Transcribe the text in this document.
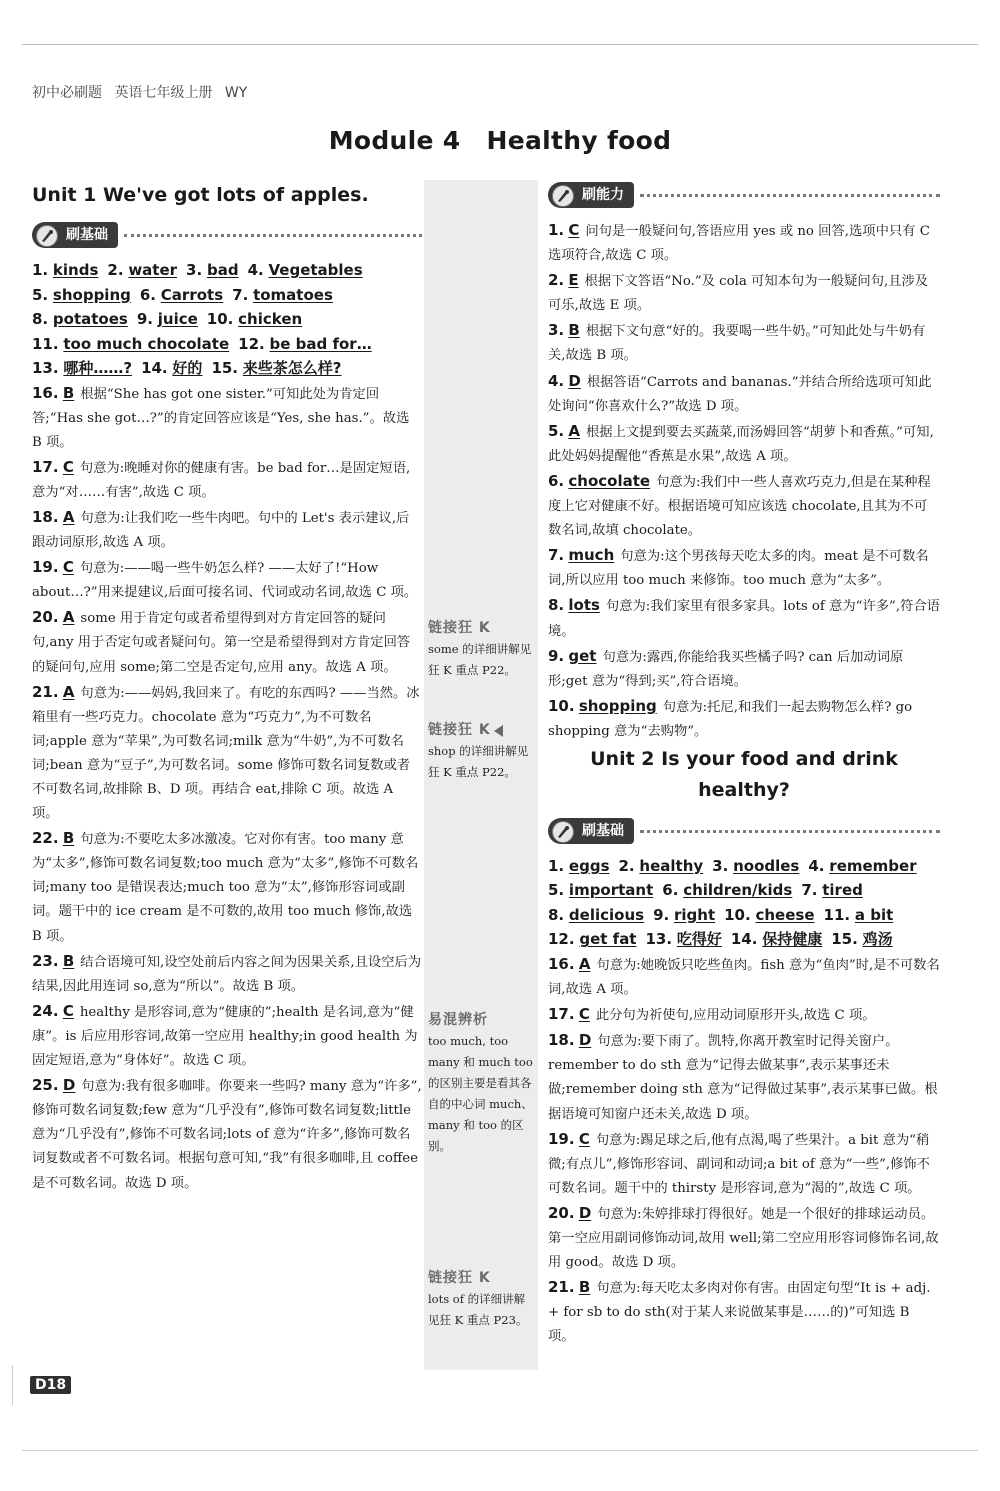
初中必刷题 英语七年级上册 WY
Module 4 Healthy food
Unit 1 We've got lots of apples.
刷基础
1. kinds 2. water 3. bad 4. Vegetables
5. shopping 6. Carrots 7. tomatoes
8. potatoes 9. juice 10. chicken
11. too much chocolate 12. be bad for…
13. 哪种……? 14. 好的 15. 来些茶怎么样?
16. B 根据“She has got one sister.”可知此处为肯定回答;“Has she got…?”的肯定回答应该是“Yes, she has.”。故选 B 项。
17. C 句意为:晚睡对你的健康有害。be bad for…是固定短语,意为“对……有害”,故选 C 项。
18. A 句意为:让我们吃一些牛肉吧。句中的 Let's 表示建议,后跟动词原形,故选 A 项。
19. C 句意为:——喝一些牛奶怎么样? ——太好了!“How about…?”用来提建议,后面可接名词、代词或动名词,故选 C 项。
20. A some 用于肯定句或者希望得到对方肯定回答的疑问句,any 用于否定句或者疑问句。第一空是希望得到对方肯定回答的疑问句,应用 some;第二空是否定句,应用 any。故选 A 项。
21. A 句意为:——妈妈,我回来了。有吃的东西吗? ——当然。冰箱里有一些巧克力。chocolate 意为“巧克力”,为不可数名词;apple 意为“苹果”,为可数名词;milk 意为“牛奶”,为不可数名词;bean 意为“豆子”,为可数名词。some 修饰可数名词复数或者不可数名词,故排除 B、D 项。再结合 eat,排除 C 项。故选 A 项。
22. B 句意为:不要吃太多冰激凌。它对你有害。too many 意为“太多”,修饰可数名词复数;too much 意为“太多”,修饰不可数名词;many too 是错误表达;much too 意为“太”,修饰形容词或副词。题干中的 ice cream 是不可数的,故用 too much 修饰,故选 B 项。
23. B 结合语境可知,设空处前后内容之间为因果关系,且设空后为结果,因此用连词 so,意为“所以”。故选 B 项。
24. C healthy 是形容词,意为“健康的”;health 是名词,意为“健康”。is 后应用形容词,故第一空应用 healthy;in good health 为固定短语,意为“身体好”。故选 C 项。
25. D 句意为:我有很多咖啡。你要来一些吗? many 意为“许多”,修饰可数名词复数;few 意为“几乎没有”,修饰可数名词复数;little 意为“几乎没有”,修饰不可数名词;lots of 意为“许多”,修饰可数名词复数或者不可数名词。根据句意可知,“我”有很多咖啡,且 coffee 是不可数名词。故选 D 项。
链接狂 K
some 的详细讲解见狂 K 重点 P22。
链接狂 K
shop 的详细讲解见狂 K 重点 P22。
易混辨析
too much, too many 和 much too 的区别主要是看其各自的中心词 much、many 和 too 的区别。
链接狂 K
lots of 的详细讲解见狂 K 重点 P23。
刷能力
1. C 问句是一般疑问句,答语应用 yes 或 no 回答,选项中只有 C 选项符合,故选 C 项。
2. E 根据下文答语“No.”及 cola 可知本句为一般疑问句,且涉及可乐,故选 E 项。
3. B 根据下文句意“好的。我要喝一些牛奶。”可知此处与牛奶有关,故选 B 项。
4. D 根据答语“Carrots and bananas.”并结合所给选项可知此处询问“你喜欢什么?”故选 D 项。
5. A 根据上文提到要去买蔬菜,而汤姆回答“胡萝卜和香蕉。”可知,此处妈妈提醒他“香蕉是水果”,故选 A 项。
6. chocolate 句意为:我们中一些人喜欢巧克力,但是在某种程度上它对健康不好。根据语境可知应该选 chocolate,且其为不可数名词,故填 chocolate。
7. much 句意为:这个男孩每天吃太多的肉。meat 是不可数名词,所以应用 too much 来修饰。too much 意为“太多”。
8. lots 句意为:我们家里有很多家具。lots of 意为“许多”,符合语境。
9. get 句意为:露西,你能给我买些橘子吗? can 后加动词原形;get 意为“得到;买”,符合语境。
10. shopping 句意为:托尼,和我们一起去购物怎么样? go shopping 意为“去购物”。
Unit 2 Is your food and drink
healthy?
刷基础
1. eggs 2. healthy 3. noodles 4. remember
5. important 6. children/kids 7. tired
8. delicious 9. right 10. cheese 11. a bit
12. get fat 13. 吃得好 14. 保持健康 15. 鸡汤
16. A 句意为:她晚饭只吃些鱼肉。fish 意为“鱼肉”时,是不可数名词,故选 A 项。
17. C 此分句为祈使句,应用动词原形开头,故选 C 项。
18. D 句意为:要下雨了。凯特,你离开教室时记得关窗户。remember to do sth 意为“记得去做某事”,表示某事还未做;remember doing sth 意为“记得做过某事”,表示某事已做。根据语境可知窗户还未关,故选 D 项。
19. C 句意为:踢足球之后,他有点渴,喝了些果汁。a bit 意为“稍微;有点儿”,修饰形容词、副词和动词;a bit of 意为“一些”,修饰不可数名词。题干中的 thirsty 是形容词,意为“渴的”,故选 C 项。
20. D 句意为:朱婷排球打得很好。她是一个很好的排球运动员。第一空应用副词修饰动词,故用 well;第二空应用形容词修饰名词,故用 good。故选 D 项。
21. B 句意为:每天吃太多肉对你有害。由固定句型“It is + adj. + for sb to do sth(对于某人来说做某事是……的)”可知选 B 项。
D18
